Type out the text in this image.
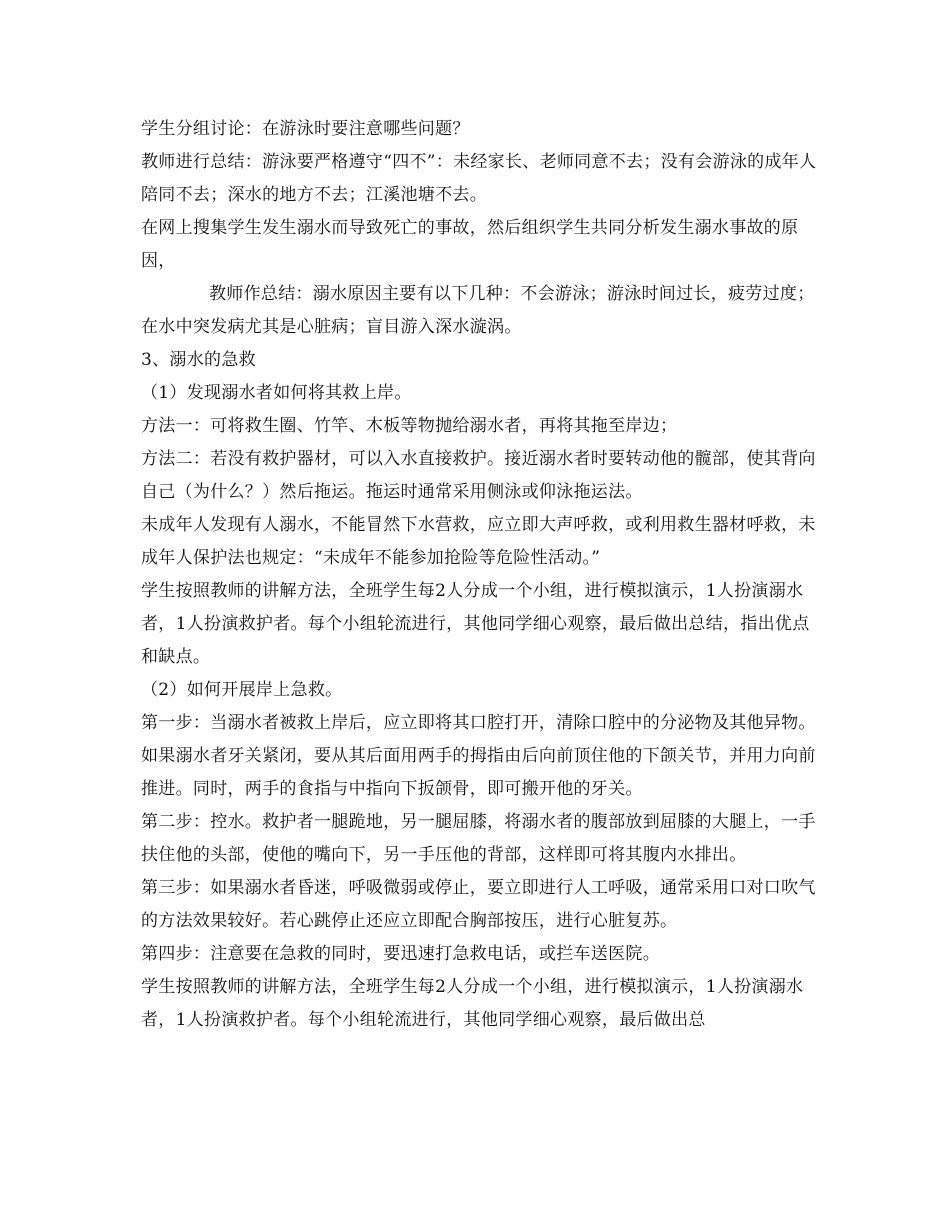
学生分组讨论：在游泳时要注意哪些问题？

教师进行总结：游泳要严格遵守“四不”：未经家长、老师同意不去；没有会游泳的成年人陪同不去；深水的地方不去；江溪池塘不去。

在网上搜集学生发生溺水而导致死亡的事故，然后组织学生共同分析发生溺水事故的原因，

教师作总结：溺水原因主要有以下几种：不会游泳；游泳时间过长，疲劳过度；在水中突发病尤其是心脏病；盲目游入深水漩涡。

3、溺水的急救

（1）发现溺水者如何将其救上岸。

方法一：可将救生圈、竹竿、木板等物抛给溺水者，再将其拖至岸边；

方法二：若没有救护器材，可以入水直接救护。接近溺水者时要转动他的髋部，使其背向自己（为什么？）然后拖运。拖运时通常采用侧泳或仰泳拖运法。

未成年人发现有人溺水，不能冒然下水营救，应立即大声呼救，或利用救生器材呼救，未成年人保护法也规定：“未成年不能参加抢险等危险性活动。”

学生按照教师的讲解方法，全班学生每2人分成一个小组，进行模拟演示，1人扮演溺水者，1人扮演救护者。每个小组轮流进行，其他同学细心观察，最后做出总结，指出优点和缺点。

（2）如何开展岸上急救。

第一步：当溺水者被救上岸后，应立即将其口腔打开，清除口腔中的分泌物及其他异物。如果溺水者牙关紧闭，要从其后面用两手的拇指由后向前顶住他的下颌关节，并用力向前推进。同时，两手的食指与中指向下扳颌骨，即可搬开他的牙关。

第二步：控水。救护者一腿跪地，另一腿屈膝，将溺水者的腹部放到屈膝的大腿上，一手扶住他的头部，使他的嘴向下，另一手压他的背部，这样即可将其腹内水排出。

第三步：如果溺水者昏迷，呼吸微弱或停止，要立即进行人工呼吸，通常采用口对口吹气的方法效果较好。若心跳停止还应立即配合胸部按压，进行心脏复苏。

第四步：注意要在急救的同时，要迅速打急救电话，或拦车送医院。

学生按照教师的讲解方法，全班学生每2人分成一个小组，进行模拟演示，1人扮演溺水者，1人扮演救护者。每个小组轮流进行，其他同学细心观察，最后做出总
